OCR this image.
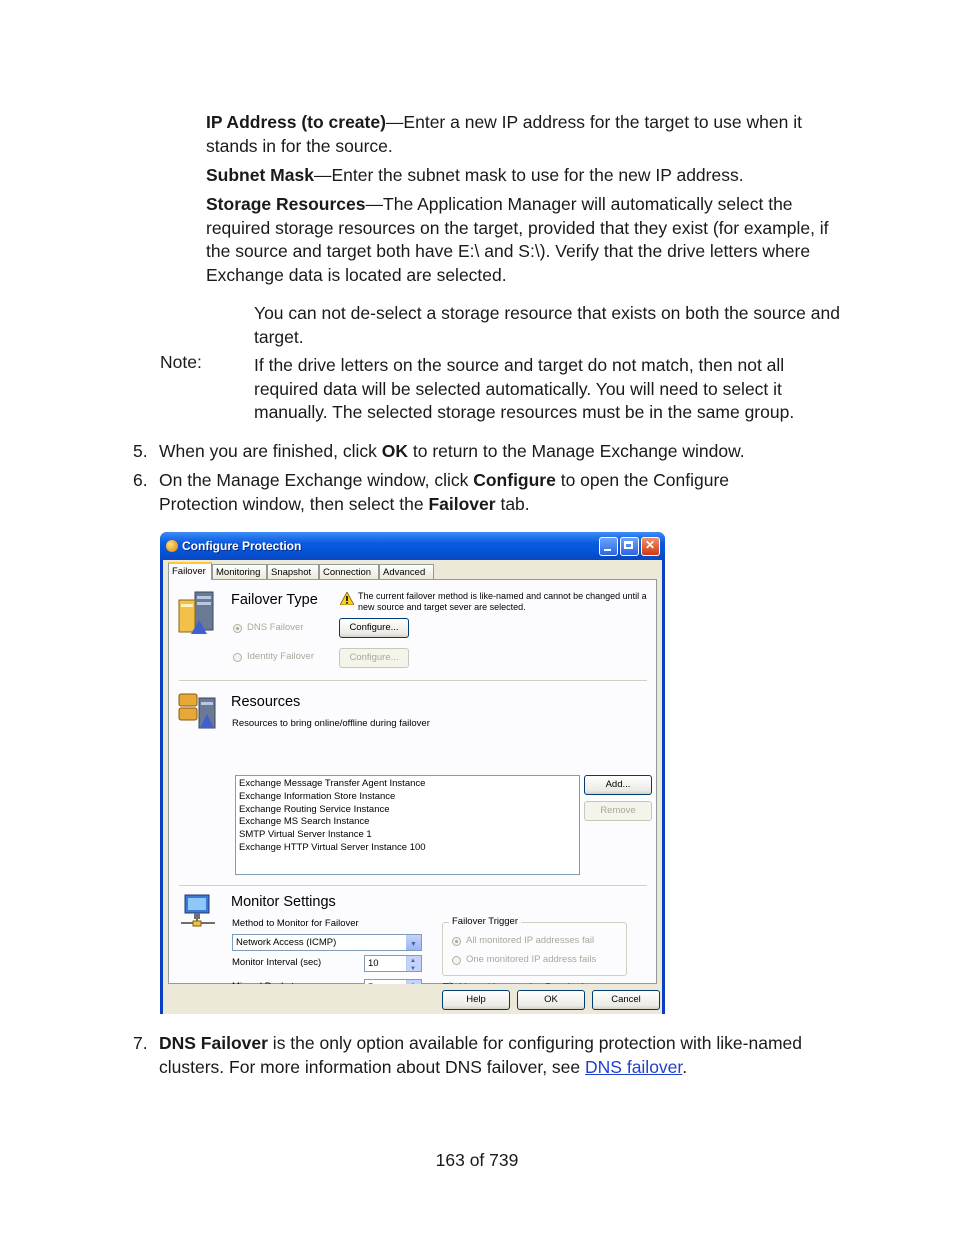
IP Address (to create)—Enter a new IP address for the target to use when it stands in for the source.
Subnet Mask—Enter the subnet mask to use for the new IP address.
Storage Resources—The Application Manager will automatically select the required storage resources on the target, provided that they exist (for example, if the source and target both have E:\ and S:\). Verify that the drive letters where Exchange data is located are selected.
Note:
You can not de-select a storage resource that exists on both the source and target.
If the drive letters on the source and target do not match, then not all required data will be selected automatically. You will need to select it manually. The selected storage resources must be in the same group.
5. When you are finished, click OK to return to the Manage Exchange window.
6. On the Manage Exchange window, click Configure to open the Configure Protection window, then select the Failover tab.
Configure Protection
✕
Failover	Monitoring	Snapshot	Connection	Advanced
Failover Type	The current failover method is like-named and cannot be changed until a new source and target sever are selected.
DNS Failover	Configure...
Identity Failover	Configure...
Resources
Resources to bring online/offline during failover
Exchange Message Transfer Agent Instance
Exchange Information Store Instance
Exchange Routing Service Instance
Exchange MS Search Instance
SMTP Virtual Server Instance 1
Exchange HTTP Virtual Server Instance 100
Add...
Remove
Monitor Settings
Method to Monitor for Failover
Network Access (ICMP)
▼
Monitor Interval (sec)	10
▲ ▼
▲ ▼
Failover Trigger
All monitored IP addresses fail
One monitored IP address fails
✓
Help	OK	Cancel
7. DNS Failover is the only option available for configuring protection with like-named clusters. For more information about DNS failover, see DNS failover.
163 of 739
